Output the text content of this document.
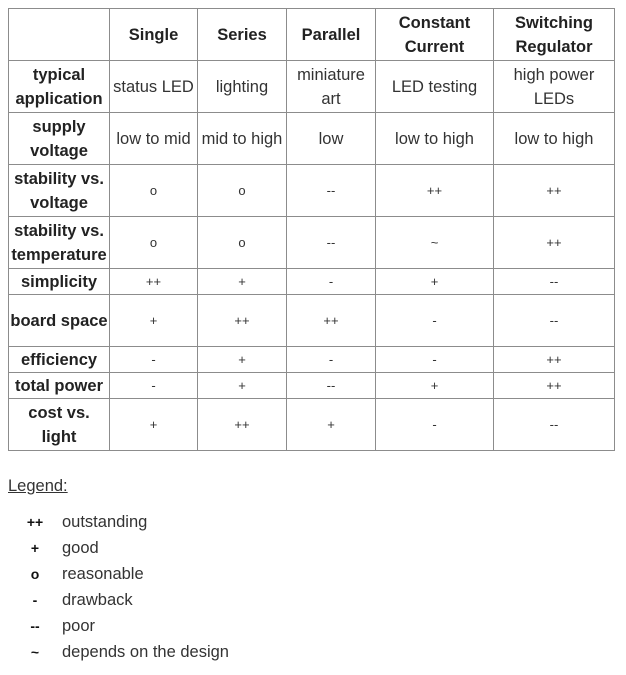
	Single	Series	Parallel	Constant Current	Switching Regulator
typical application	status LED	lighting	miniature art	LED testing	high power LEDs
supply voltage	low to mid	mid to high	low	low to high	low to high
stability vs. voltage	o	o	--	++	++
stability vs. temperature	o	o	--	~	++
simplicity	++	+	-	+	--
board space	+	++	++	-	--
efficiency	-	+	-	-	++
total power	-	+	--	+	++
cost vs. light	+	++	+	-	--
Legend:
++	outstanding
+	good
o	reasonable
-	drawback
--	poor
~	depends on the design
